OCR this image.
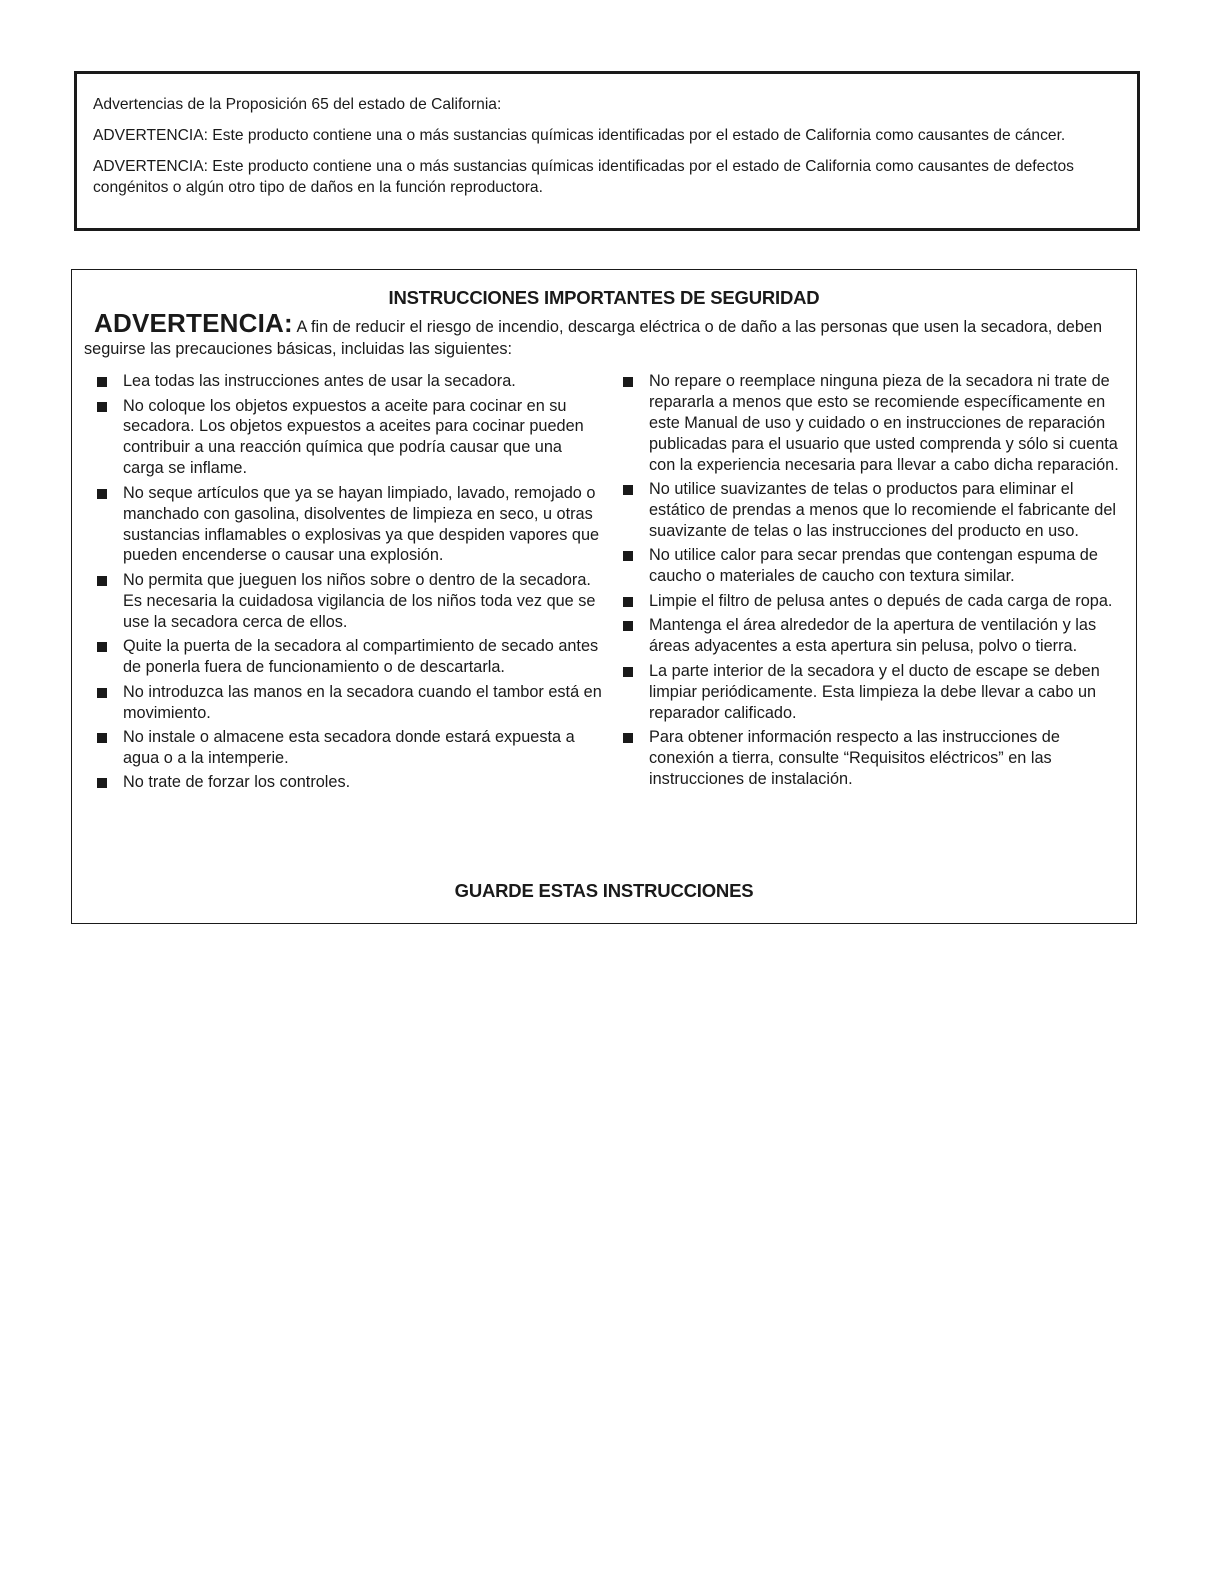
Advertencias de la Proposición 65 del estado de California:

ADVERTENCIA: Este producto contiene una o más sustancias químicas identificadas por el estado de California como causantes de cáncer.

ADVERTENCIA: Este producto contiene una o más sustancias químicas identificadas por el estado de California como causantes de defectos congénitos o algún otro tipo de daños en la función reproductora.

INSTRUCCIONES IMPORTANTES DE SEGURIDAD
ADVERTENCIA: A fin de reducir el riesgo de incendio, descarga eléctrica o de daño a las personas que usen la secadora, deben seguirse las precauciones básicas, incluidas las siguientes:
Lea todas las instrucciones antes de usar la secadora.
No coloque los objetos expuestos a aceite para cocinar en su secadora. Los objetos expuestos a aceites para cocinar pueden contribuir a una reacción química que podría causar que una carga se inflame.
No seque artículos que ya se hayan limpiado, lavado, remojado o manchado con gasolina, disolventes de limpieza en seco, u otras sustancias inflamables o explosivas ya que despiden vapores que pueden encenderse o causar una explosión.
No permita que jueguen los niños sobre o dentro de la secadora. Es necesaria la cuidadosa vigilancia de los niños toda vez que se use la secadora cerca de ellos.
Quite la puerta de la secadora al compartimiento de secado antes de ponerla fuera de funcionamiento o de descartarla.
No introduzca las manos en la secadora cuando el tambor está en movimiento.
No instale o almacene esta secadora donde estará expuesta a agua o a la intemperie.
No trate de forzar los controles.
No repare o reemplace ninguna pieza de la secadora ni trate de repararla a menos que esto se recomiende específicamente en este Manual de uso y cuidado o en instrucciones de reparación publicadas para el usuario que usted comprenda y sólo si cuenta con la experiencia necesaria para llevar a cabo dicha reparación.
No utilice suavizantes de telas o productos para eliminar el estático de prendas a menos que lo recomiende el fabricante del suavizante de telas o las instrucciones del producto en uso.
No utilice calor para secar prendas que contengan espuma de caucho o materiales de caucho con textura similar.
Limpie el filtro de pelusa antes o depués de cada carga de ropa.
Mantenga el área alrededor de la apertura de ventilación y las áreas adyacentes a esta apertura sin pelusa, polvo o tierra.
La parte interior de la secadora y el ducto de escape se deben limpiar periódicamente. Esta limpieza la debe llevar a cabo un reparador calificado.
Para obtener información respecto a las instrucciones de conexión a tierra, consulte “Requisitos eléctricos” en las instrucciones de instalación.
GUARDE ESTAS INSTRUCCIONES
